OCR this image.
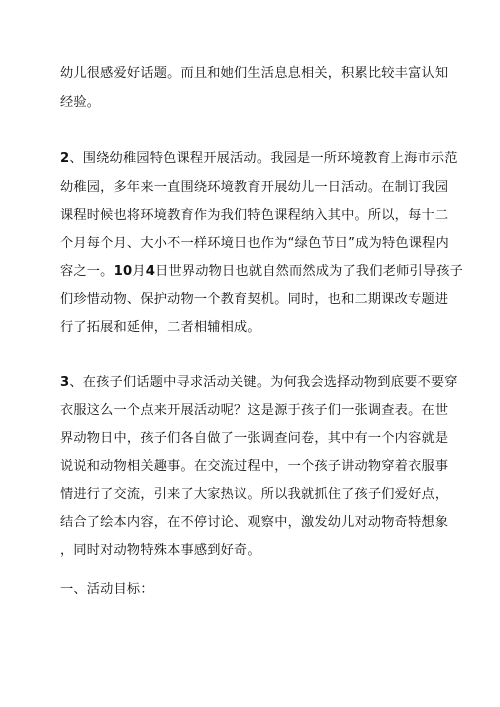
幼儿很感爱好话题。而且和她们生活息息相关，积累比较丰富认知
经验。
2、围绕幼稚园特色课程开展活动。我园是一所环境教育上海市示范
幼稚园，多年来一直围绕环境教育开展幼儿一日活动。在制订我园
课程时候也将环境教育作为我们特色课程纳入其中。所以，每十二
个月每个月、大小不一样环境日也作为“绿色节日”成为特色课程内
容之一。10月4日世界动物日也就自然而然成为了我们老师引导孩子
们珍惜动物、保护动物一个教育契机。同时，也和二期课改专题进
行了拓展和延伸，二者相辅相成。
3、在孩子们话题中寻求活动关键。为何我会选择动物到底要不要穿
衣服这么一个点来开展活动呢？这是源于孩子们一张调查表。在世
界动物日中，孩子们各自做了一张调查问卷，其中有一个内容就是
说说和动物相关趣事。在交流过程中，一个孩子讲动物穿着衣服事
情进行了交流，引来了大家热议。所以我就抓住了孩子们爱好点，
结合了绘本内容，在不停讨论、观察中，激发幼儿对动物奇特想象
，同时对动物特殊本事感到好奇。
一、活动目标：
